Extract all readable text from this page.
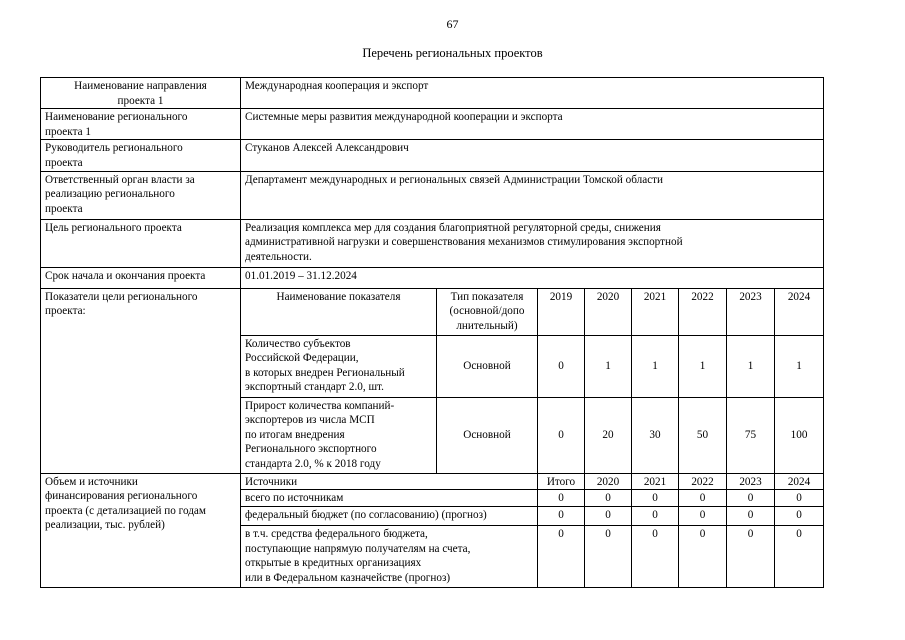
67
Перечень региональных проектов
Наименование направления
проекта 1	Международная кооперация и экспорт							
Наименование регионального
проекта 1	Системные меры развития международной кооперации и экспорта							
Руководитель регионального
проекта	Стуканов Алексей Александрович							
Ответственный орган власти за
реализацию регионального
проекта	Департамент международных и региональных связей Администрации Томской области							
Цель регионального проекта	Реализация комплекса мер для создания благоприятной регуляторной среды, снижения
административной нагрузки и совершенствования механизмов стимулирования экспортной
деятельности.							
Срок начала и окончания проекта	01.01.2019 – 31.12.2024							
Показатели цели регионального
проекта:	Наименование показателя	Тип показателя
(основной/допо
лнительный)	2019	2020	2021	2022	2023	2024
	Количество субъектов
Российской Федерации,
в которых внедрен Региональный
экспортный стандарт 2.0, шт.	Основной	0	1	1	1	1	1
	Прирост количества компаний-
экспортеров из числа МСП
по итогам внедрения
Регионального экспортного
стандарта 2.0, % к 2018 году	Основной	0	20	30	50	75	100
Объем и источники
финансирования регионального
проекта (с детализацией по годам
реализации, тыс. рублей)	Источники		Итого	2020	2021	2022	2023	2024
	всего по источникам		0	0	0	0	0	0
	федеральный бюджет (по согласованию) (прогноз)		0	0	0	0	0	0
	в т.ч. средства федерального бюджета,
поступающие напрямую получателям на счета,
открытые в кредитных организациях
или в Федеральном казначействе (прогноз)		0	0	0	0	0	0
